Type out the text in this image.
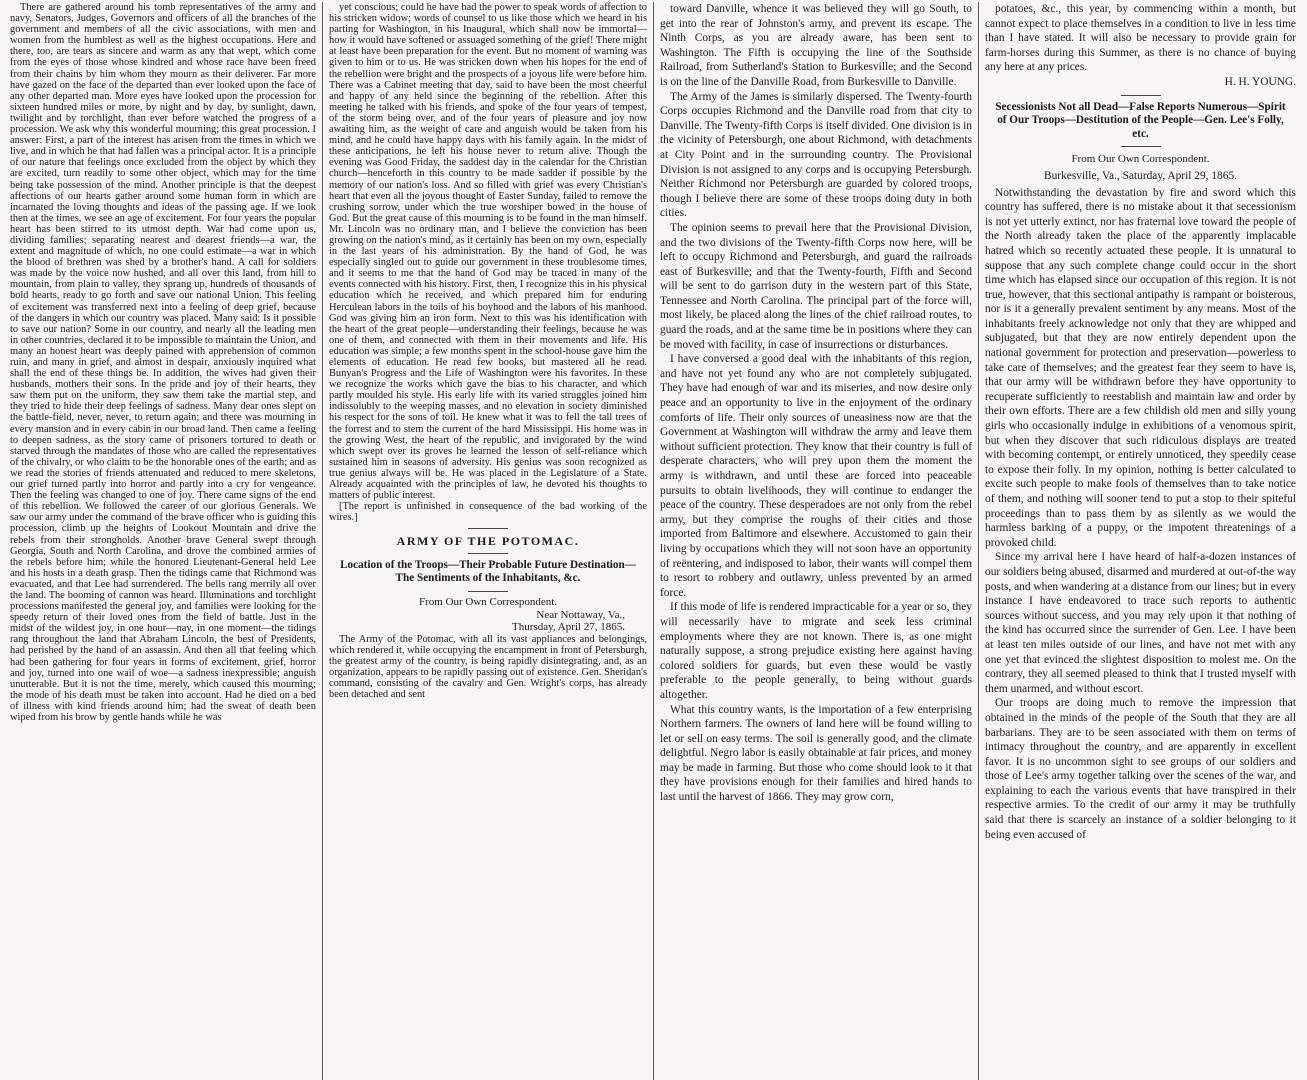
There are gathered around his tomb representatives of the army and navy, Senators, Judges, Governors and officers of all the branches of the government and members of all the civic associations, with men and women from the humblest as well as the highest occupations. Here and there, too, are tears as sincere and warm as any that wept, which come from the eyes of those whose kindred and whose race have been freed from their chains by him whom they mourn as their deliverer. Far more have gazed on the face of the departed than ever looked upon the face of any other departed man. More eyes have looked upon the procession for sixteen hundred miles or more, by night and by day, by sunlight, dawn, twilight and by torchlight, than ever before watched the progress of a procession. We ask why this wonderful mourning; this great procession. I answer: First, a part of the interest has arisen from the times in which we live, and in which he that had fallen was a principal actor. It is a principle of our nature that feelings once excluded from the object by which they are excited, turn readily to some other object, which may for the time being take possession of the mind. Another principle is that the deepest affections of our hearts gather around some human form in which are incarnated the loving thoughts and ideas of the passing age. If we look then at the times, we see an age of excitement. For four years the popular heart has been stirred to its utmost depth. War had come upon us, dividing families; separating nearest and dearest friends—a war, the extent and magnitude of which, no one could estimate—a war in which the blood of brethren was shed by a brother's hand. A call for soldiers was made by the voice now hushed, and all over this land, from hill to mountain, from plain to valley, they sprang up, hundreds of thousands of bold hearts, ready to go forth and save our national Union. This feeling of excitement was transferred next into a feeling of deep grief, because of the dangers in which our country was placed. Many said: Is it possible to save our nation? Some in our country, and nearly all the leading men in other countries, declared it to be impossible to maintain the Union, and many an honest heart was deeply pained with apprehension of common ruin, and many in grief, and almost in despair, anxiously inquired what shall the end of these things be. In addition, the wives had given their husbands, mothers their sons. In the pride and joy of their hearts, they saw them put on the uniform, they saw them take the martial step, and they tried to hide their deep feelings of sadness. Many dear ones slept on the battle-field, never, never, to return again; and there was mourning in every mansion and in every cabin in our broad land. Then came a feeling to deepen sadness, as the story came of prisoners tortured to death or starved through the mandates of those who are called the representatives of the chivalry, or who claim to be the honorable ones of the earth; and as we read the stories of friends attenuated and reduced to mere skeletons, our grief turned partly into horror and partly into a cry for vengeance. Then the feeling was changed to one of joy. There came signs of the end of this rebellion. We followed the career of our glorious Generals. We saw our army under the command of the brave officer who is guiding this procession, climb up the heights of Lookout Mountain and drive the rebels from their strongholds. Another brave General swept through Georgia, South and North Carolina, and drove the combined armies of the rebels before him; while the honored Lieutenant-General held Lee and his hosts in a death grasp. Then the tidings came that Richmond was evacuated, and that Lee had surrendered. The bells rang merrily all over the land. The booming of cannon was heard. Illuminations and torchlight processions manifested the general joy, and families were looking for the speedy return of their loved ones from the field of battle. Just in the midst of the wildest joy, in one hour—nay, in one moment—the tidings rang throughout the land that Abraham Lincoln, the best of Presidents, had perished by the hand of an assassin. And then all that feeling which had been gathering for four years in forms of excitement, grief, horror and joy, turned into one wail of woe—a sadness inexpressible; anguish unutterable. But it is not the time, merely, which caused this mourning; the mode of his death must be taken into account. Had he died on a bed of illness with kind friends around him; had the sweat of death been wiped from his brow by gentle hands while he was

yet conscious; could he have had the power to speak words of affection to his stricken widow; words of counsel to us like those which we heard in his parting for Washington, in his Inaugural, which shall now be immortal—how it would have softened or assuaged something of the grief! There might at least have been preparation for the event. But no moment of warning was given to him or to us. He was stricken down when his hopes for the end of the rebellion were bright and the prospects of a joyous life were before him. There was a Cabinet meeting that day, said to have been the most cheerful and happy of any held since the beginning of the rebellion. After this meeting he talked with his friends, and spoke of the four years of tempest, of the storm being over, and of the four years of pleasure and joy now awaiting him, as the weight of care and anguish would be taken from his mind, and he could have happy days with his family again. In the midst of these anticipations, he left his house never to return alive. Though the evening was Good Friday, the saddest day in the calendar for the Christian church—henceforth in this country to be made sadder if possible by the memory of our nation's loss. And so filled with grief was every Christian's heart that even all the joyous thought of Easter Sunday, failed to remove the crushing sorrow, under which the true worshiper bowed in the house of God. But the great cause of this mourning is to be found in the man himself. Mr. Lincoln was no ordinary man, and I believe the conviction has been growing on the nation's mind, as it certainly has been on my own, especially in the last years of his administration. By the hand of God, he was especially singled out to guide our government in these troublesome times, and it seems to me that the hand of God may be traced in many of the events connected with his history. First, then, I recognize this in his physical education which he received, and which prepared him for enduring Herculean labors in the toils of his boyhood and the labors of his manhood. God was giving him an iron form. Next to this was his identification with the heart of the great people—understanding their feelings, because he was one of them, and connected with them in their movements and life. His education was simple; a few months spent in the school-house gave him the elements of education. He read few books, but mastered all he read. Bunyan's Progress and the Life of Washington were his favorites. In these we recognize the works which gave the bias to his character, and which partly moulded his style. His early life with its varied struggles joined him indissolubly to the weeping masses, and no elevation in society diminished his respect for the sons of toil. He knew what it was to fell the tall trees of the forrest and to stem the current of the hard Mississippi. His home was in the growing West, the heart of the republic, and invigorated by the wind which swept over its groves he learned the lesson of self-reliance which sustained him in seasons of adversity. His genius was soon recognized as true genius always will be. He was placed in the Legislature of a State. Already acquainted with the principles of law, he devoted his thoughts to matters of public interest.

[The report is unfinished in consequence of the bad working of the wires.]

ARMY OF THE POTOMAC.
Location of the Troops—Their Probable Future Destination—The Sentiments of the Inhabitants, &c.
From Our Own Correspondent.
Near Nottaway, Va.,
Thursday, April 27, 1865.

The Army of the Potomac, with all its vast appliances and belongings, which rendered it, while occupying the encampment in front of Petersburgh, the greatest army of the country, is being rapidly disintegrating, and, as an organization, appears to be rapidly passing out of existence. Gen. Sheridan's command, consisting of the cavalry and Gen. Wright's corps, has already been detached and sent

toward Danville, whence it was believed they will go South, to get into the rear of Johnston's army, and prevent its escape. The Ninth Corps, as you are already aware, has been sent to Washington. The Fifth is occupying the line of the Southside Railroad, from Sutherland's Station to Burkesville; and the Second is on the line of the Danville Road, from Burkesville to Danville.

The Army of the James is similarly dispersed. The Twenty-fourth Corps occupies Richmond and the Danville road from that city to Danville. The Twenty-fifth Corps is itself divided. One division is in the vicinity of Petersburgh, one about Richmond, with detachments at City Point and in the surrounding country. The Provisional Division is not assigned to any corps and is occupying Petersburgh. Neither Richmond nor Petersburgh are guarded by colored troops, though I believe there are some of these troops doing duty in both cities.

The opinion seems to prevail here that the Provisional Division, and the two divisions of the Twenty-fifth Corps now here, will be left to occupy Richmond and Petersburgh, and guard the railroads east of Burkesville; and that the Twenty-fourth, Fifth and Second will be sent to do garrison duty in the western part of this State, Tennessee and North Carolina. The principal part of the force will, most likely, be placed along the lines of the chief railroad routes, to guard the roads, and at the same time be in positions where they can be moved with facility, in case of insurrections or disturbances.

I have conversed a good deal with the inhabitants of this region, and have not yet found any who are not completely subjugated. They have had enough of war and its miseries, and now desire only peace and an opportunity to live in the enjoyment of the ordinary comforts of life. Their only sources of uneasiness now are that the Government at Washington will withdraw the army and leave them without sufficient protection. They know that their country is full of desperate characters, who will prey upon them the moment the army is withdrawn, and until these are forced into peaceable pursuits to obtain livelihoods, they will continue to endanger the peace of the country. These desperadoes are not only from the rebel army, but they comprise the roughs of their cities and those imported from Baltimore and elsewhere. Accustomed to gain their living by occupations which they will not soon have an opportunity of reëntering, and indisposed to labor, their wants will compel them to resort to robbery and outlawry, unless prevented by an armed force.

If this mode of life is rendered impracticable for a year or so, they will necessarily have to migrate and seek less criminal employments where they are not known. There is, as one might naturally suppose, a strong prejudice existing here against having colored soldiers for guards, but even these would be vastly preferable to the people generally, to being without guards altogether.

What this country wants, is the importation of a few enterprising Northern farmers. The owners of land here will be found willing to let or sell on easy terms. The soil is generally good, and the climate delightful. Negro labor is easily obtainable at fair prices, and money may be made in farming. But those who come should look to it that they have provisions enough for their families and hired hands to last until the harvest of 1866. They may grow corn,

potatoes, &c., this year, by commencing within a month, but cannot expect to place themselves in a condition to live in less time than I have stated. It will also be necessary to provide grain for farm-horses during this Summer, as there is no chance of buying any here at any prices.

H. H. YOUNG.
Secessionists Not all Dead—False Reports Numerous—Spirit of Our Troops—Destitution of the People—Gen. Lee's Folly, etc.
From Our Own Correspondent.
Burkesville, Va., Saturday, April 29, 1865.

Notwithstanding the devastation by fire and sword which this country has suffered, there is no mistake about it that secessionism is not yet utterly extinct, nor has fraternal love toward the people of the North already taken the place of the apparently implacable hatred which so recently actuated these people. It is unnatural to suppose that any such complete change could occur in the short time which has elapsed since our occupation of this region. It is not true, however, that this sectional antipathy is rampant or boisterous, nor is it a generally prevalent sentiment by any means. Most of the inhabitants freely acknowledge not only that they are whipped and subjugated, but that they are now entirely dependent upon the national government for protection and preservation—powerless to take care of themselves; and the greatest fear they seem to have is, that our army will be withdrawn before they have opportunity to recuperate sufficiently to reestablish and maintain law and order by their own efforts. There are a few childish old men and silly young girls who occasionally indulge in exhibitions of a venomous spirit, but when they discover that such ridiculous displays are treated with becoming contempt, or entirely unnoticed, they speedily cease to expose their folly. In my opinion, nothing is better calculated to excite such people to make fools of themselves than to take notice of them, and nothing will sooner tend to put a stop to their spiteful proceedings than to pass them by as silently as we would the harmless barking of a puppy, or the impotent threatenings of a provoked child.

Since my arrival here I have heard of half-a-dozen instances of our soldiers being abused, disarmed and murdered at out-of-the way posts, and when wandering at a distance from our lines; but in every instance I have endeavored to trace such reports to authentic sources without success, and you may rely upon it that nothing of the kind has occurred since the surrender of Gen. Lee. I have been at least ten miles outside of our lines, and have not met with any one yet that evinced the slightest disposition to molest me. On the contrary, they all seemed pleased to think that I trusted myself with them unarmed, and without escort.

Our troops are doing much to remove the impression that obtained in the minds of the people of the South that they are all barbarians. They are to be seen associated with them on terms of intimacy throughout the country, and are apparently in excellent favor. It is no uncommon sight to see groups of our soldiers and those of Lee's army together talking over the scenes of the war, and explaining to each the various events that have transpired in their respective armies. To the credit of our army it may be truthfully said that there is scarcely an instance of a soldier belonging to it being even accused of
